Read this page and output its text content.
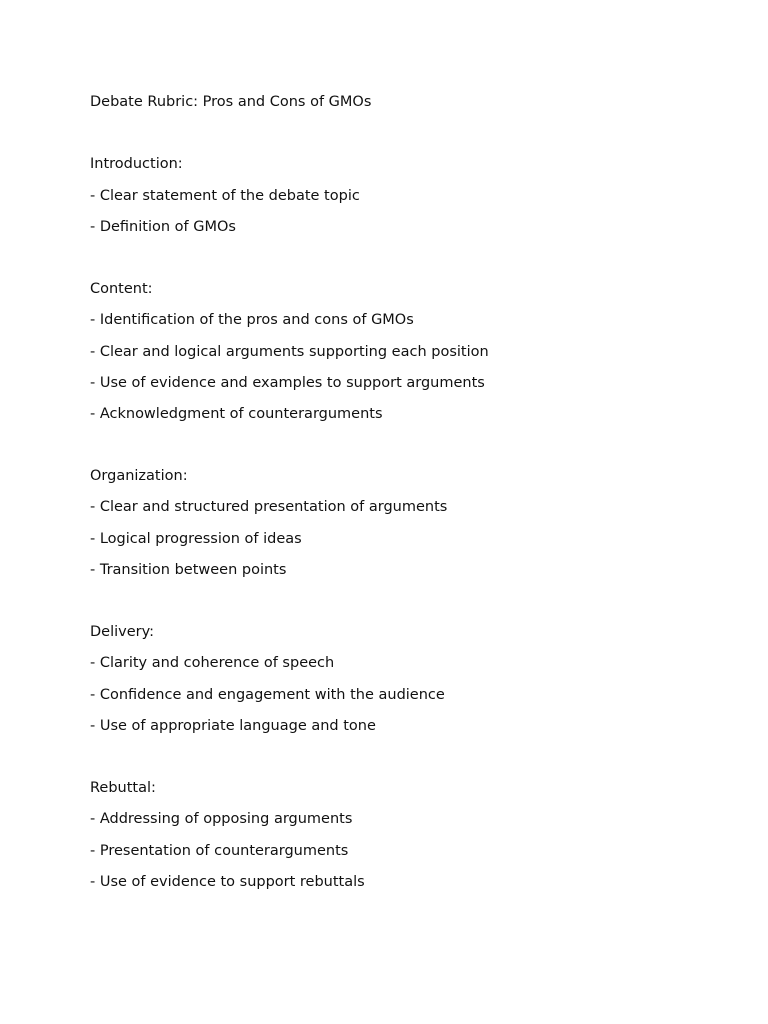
Debate Rubric: Pros and Cons of GMOs
Introduction:
- Clear statement of the debate topic
- Definition of GMOs
Content:
- Identification of the pros and cons of GMOs
- Clear and logical arguments supporting each position
- Use of evidence and examples to support arguments
- Acknowledgment of counterarguments
Organization:
- Clear and structured presentation of arguments
- Logical progression of ideas
- Transition between points
Delivery:
- Clarity and coherence of speech
- Confidence and engagement with the audience
- Use of appropriate language and tone
Rebuttal:
- Addressing of opposing arguments
- Presentation of counterarguments
- Use of evidence to support rebuttals
